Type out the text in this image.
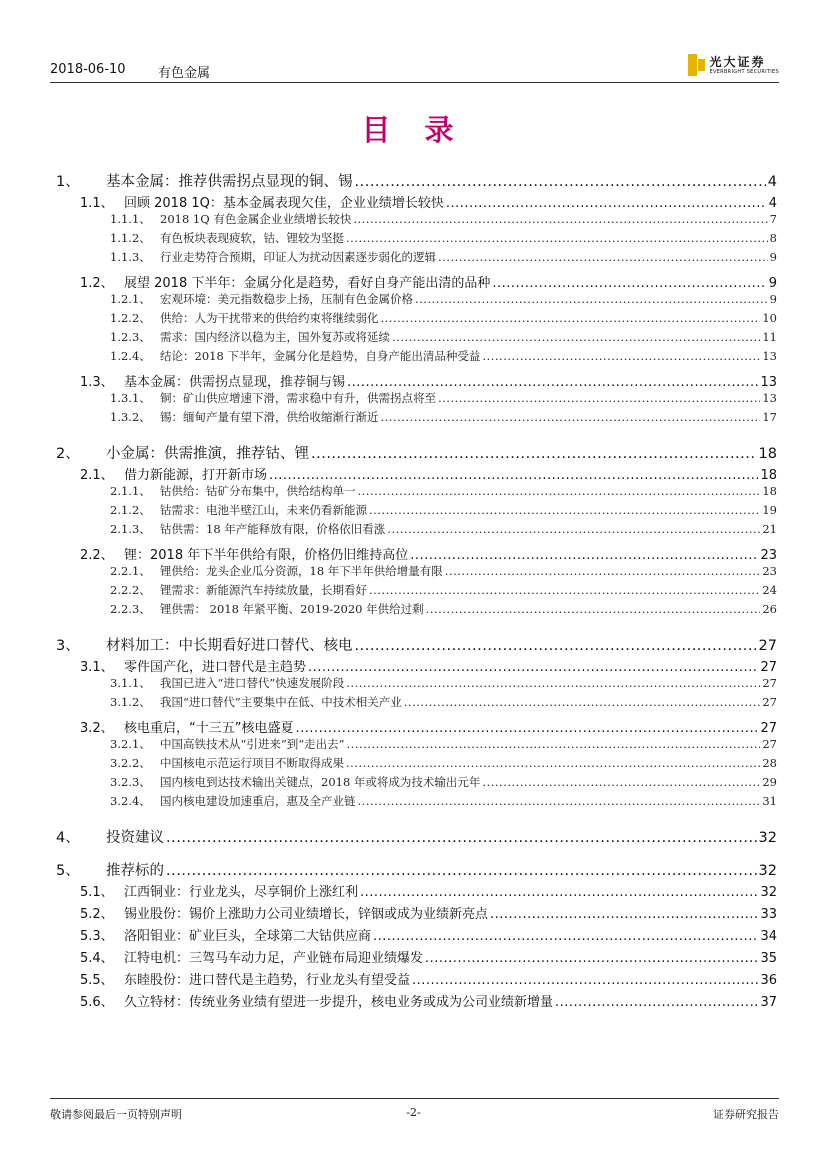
2018-06-10 有色金属
光大证券
EVERBRIGHT SECURITIES
目 录
1、	基本金属：推荐供需拐点显现的铜、锡 .....	4
1.1、 回顾 2018 1Q：基本金属表现欠佳，企业业绩增长较快 .....	4
1.1.1、 2018 1Q 有色金属企业业绩增长较快 .....	7
1.1.2、 有色板块表现疲软，钴、锂较为坚挺 .....	8
1.1.3、 行业走势符合预期，印证人为扰动因素逐步弱化的逻辑 .....	9
1.2、 展望 2018 下半年：金属分化是趋势，看好自身产能出清的品种 .....	9
1.2.1、 宏观环境：美元指数稳步上扬，压制有色金属价格 .....	9
1.2.2、 供给：人为干扰带来的供给约束将继续弱化 .....	10
1.2.3、 需求：国内经济以稳为主，国外复苏或将延续 .....	11
1.2.4、 结论：2018 下半年，金属分化是趋势，自身产能出清品种受益 .....	13
1.3、 基本金属：供需拐点显现，推荐铜与锡 .....	13
1.3.1、 铜：矿山供应增速下滑，需求稳中有升，供需拐点将至 .....	13
1.3.2、 锡：缅甸产量有望下滑，供给收缩渐行渐近 .....	17
2、	小金属：供需推演，推荐钴、锂 .....	18
2.1、 借力新能源，打开新市场 .....	18
2.1.1、 钴供给：钴矿分布集中，供给结构单一 .....	18
2.1.2、 钴需求：电池半壁江山，未来仍看新能源 .....	19
2.1.3、 钴供需：18 年产能释放有限，价格依旧看涨 .....	21
2.2、 锂：2018 年下半年供给有限，价格仍旧维持高位 .....	23
2.2.1、 锂供给：龙头企业瓜分资源，18 年下半年供给增量有限 .....	23
2.2.2、 锂需求：新能源汽车持续放量，长期看好 .....	24
2.2.3、 锂供需： 2018 年紧平衡、2019-2020 年供给过剩 .....	26
3、	材料加工：中长期看好进口替代、核电 .....	27
3.1、 零件国产化，进口替代是主趋势 .....	27
3.1.1、 我国已进入“进口替代”快速发展阶段 .....	27
3.1.2、 我国“进口替代”主要集中在低、中技术相关产业 .....	27
3.2、 核电重启，“十三五”核电盛夏 .....	27
3.2.1、 中国高铁技术从“引进来”到“走出去” .....	27
3.2.2、 中国核电示范运行项目不断取得成果 .....	28
3.2.3、 国内核电到达技术输出关键点，2018 年或将成为技术输出元年 .....	29
3.2.4、 国内核电建设加速重启，惠及全产业链 .....	31
4、	投资建议 .....	32
5、	推荐标的 .....	32
5.1、 江西铜业：行业龙头，尽享铜价上涨红利 .....	32
5.2、 锡业股份：锡价上涨助力公司业绩增长，锌铟或成为业绩新亮点 .....	33
5.3、 洛阳钼业：矿业巨头，全球第二大钴供应商 .....	34
5.4、 江特电机：三驾马车动力足，产业链布局迎业绩爆发 .....	35
5.5、 东睦股份：进口替代是主趋势，行业龙头有望受益 .....	36
5.6、 久立特材：传统业务业绩有望进一步提升，核电业务或成为公司业绩新增量 .....	37
敬请参阅最后一页特别声明	-2-	证券研究报告
